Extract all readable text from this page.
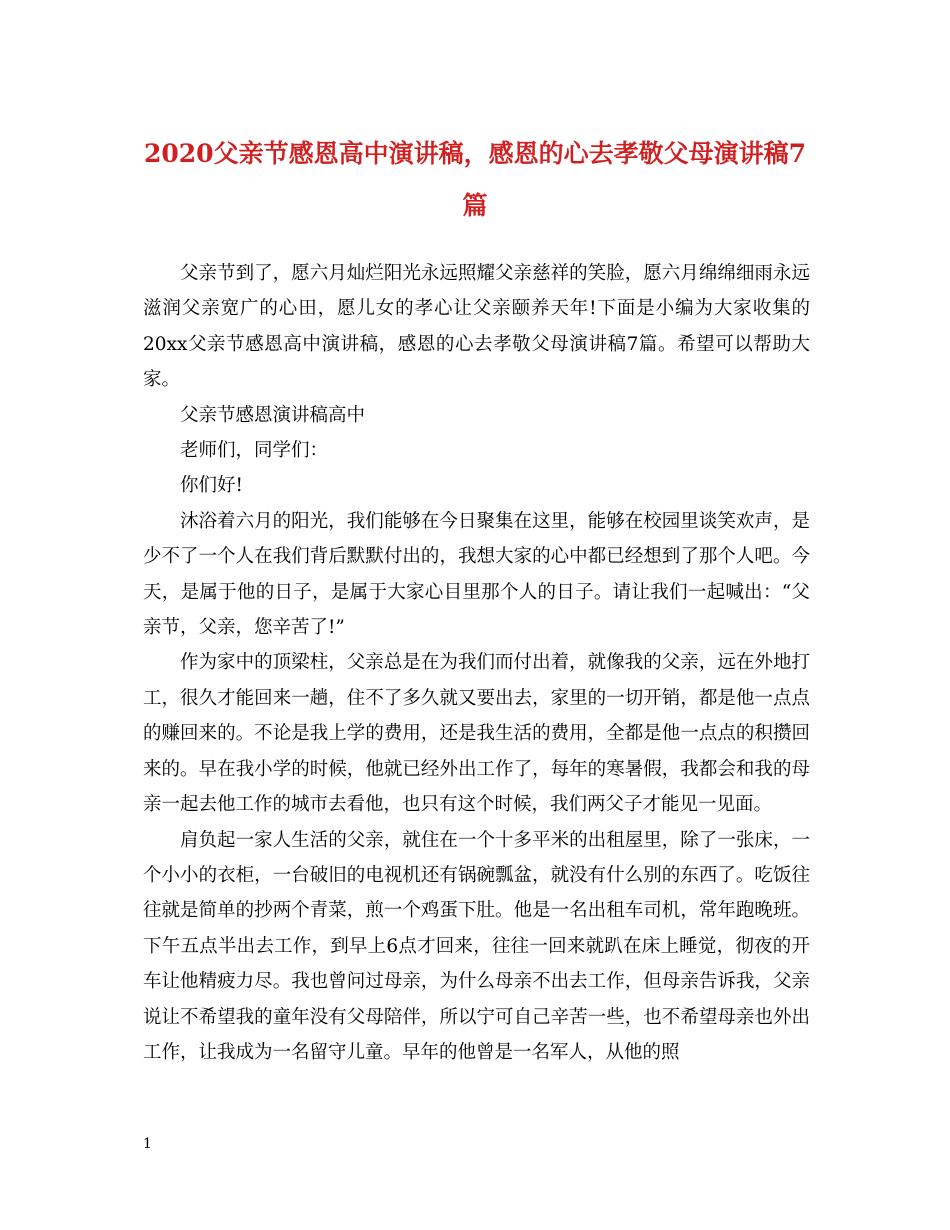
2020父亲节感恩高中演讲稿，感恩的心去孝敬父母演讲稿7篇

父亲节到了，愿六月灿烂阳光永远照耀父亲慈祥的笑脸，愿六月绵绵细雨永远滋润父亲宽广的心田，愿儿女的孝心让父亲颐养天年!下面是小编为大家收集的20xx父亲节感恩高中演讲稿，感恩的心去孝敬父母演讲稿7篇。希望可以帮助大家。

父亲节感恩演讲稿高中

老师们，同学们：

你们好!

沐浴着六月的阳光，我们能够在今日聚集在这里，能够在校园里谈笑欢声，是少不了一个人在我们背后默默付出的，我想大家的心中都已经想到了那个人吧。今天，是属于他的日子，是属于大家心目里那个人的日子。请让我们一起喊出：“父亲节，父亲，您辛苦了!”

作为家中的顶梁柱，父亲总是在为我们而付出着，就像我的父亲，远在外地打工，很久才能回来一趟，住不了多久就又要出去，家里的一切开销，都是他一点点的赚回来的。不论是我上学的费用，还是我生活的费用，全都是他一点点的积攒回来的。早在我小学的时候，他就已经外出工作了，每年的寒暑假，我都会和我的母亲一起去他工作的城市去看他，也只有这个时候，我们两父子才能见一见面。

肩负起一家人生活的父亲，就住在一个十多平米的出租屋里，除了一张床，一个小小的衣柜，一台破旧的电视机还有锅碗瓢盆，就没有什么别的东西了。吃饭往往就是简单的抄两个青菜，煎一个鸡蛋下肚。他是一名出租车司机，常年跑晚班。下午五点半出去工作，到早上6点才回来，往往一回来就趴在床上睡觉，彻夜的开车让他精疲力尽。我也曾问过母亲，为什么母亲不出去工作，但母亲告诉我，父亲说让不希望我的童年没有父母陪伴，所以宁可自己辛苦一些，也不希望母亲也外出工作，让我成为一名留守儿童。早年的他曾是一名军人，从他的照

1
